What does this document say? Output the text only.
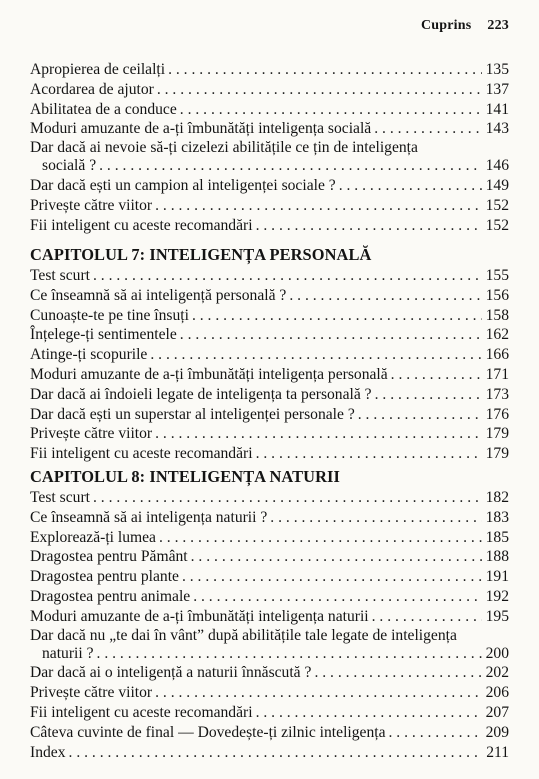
Cuprins 223
Apropierea de ceilalți . . .	135
Acordarea de ajutor . . .	137
Abilitatea de a conduce . . .	141
Moduri amuzante de a-ți îmbunătăți inteligența socială . . .	143
Dar dacă ai nevoie să-ți cizelezi abilitățile ce țin de inteligența
socială ? . . .	146
Dar dacă ești un campion al inteligenței sociale ? . . .	149
Privește către viitor . . .	152
Fii inteligent cu aceste recomandări . . .	152
CAPITOLUL 7: INTELIGENȚA PERSONALĂ
Test scurt . . .	155
Ce înseamnă să ai inteligență personală ? . . .	156
Cunoaște-te pe tine însuți . . .	158
Înțelege-ți sentimentele . . .	162
Atinge-ți scopurile . . .	166
Moduri amuzante de a-ți îmbunătăți inteligența personală . . .	171
Dar dacă ai îndoieli legate de inteligența ta personală ? . . .	173
Dar dacă ești un superstar al inteligenței personale ? . . .	176
Privește către viitor . . .	179
Fii inteligent cu aceste recomandări . . .	179
CAPITOLUL 8: INTELIGENȚA NATURII
Test scurt . . .	182
Ce înseamnă să ai inteligența naturii ? . . .	183
Explorează-ți lumea . . .	185
Dragostea pentru Pământ . . .	188
Dragostea pentru plante . . .	191
Dragostea pentru animale . . .	192
Moduri amuzante de a-ți îmbunătăți inteligența naturii . . .	195
Dar dacă nu „te dai în vânt” după abilitățile tale legate de inteligența
naturii ? . . .	200
Dar dacă ai o inteligență a naturii înnăscută ? . . .	202
Privește către viitor . . .	206
Fii inteligent cu aceste recomandări . . .	207
Câteva cuvinte de final — Dovedește-ți zilnic inteligența . . .	209
Index . . .	211
